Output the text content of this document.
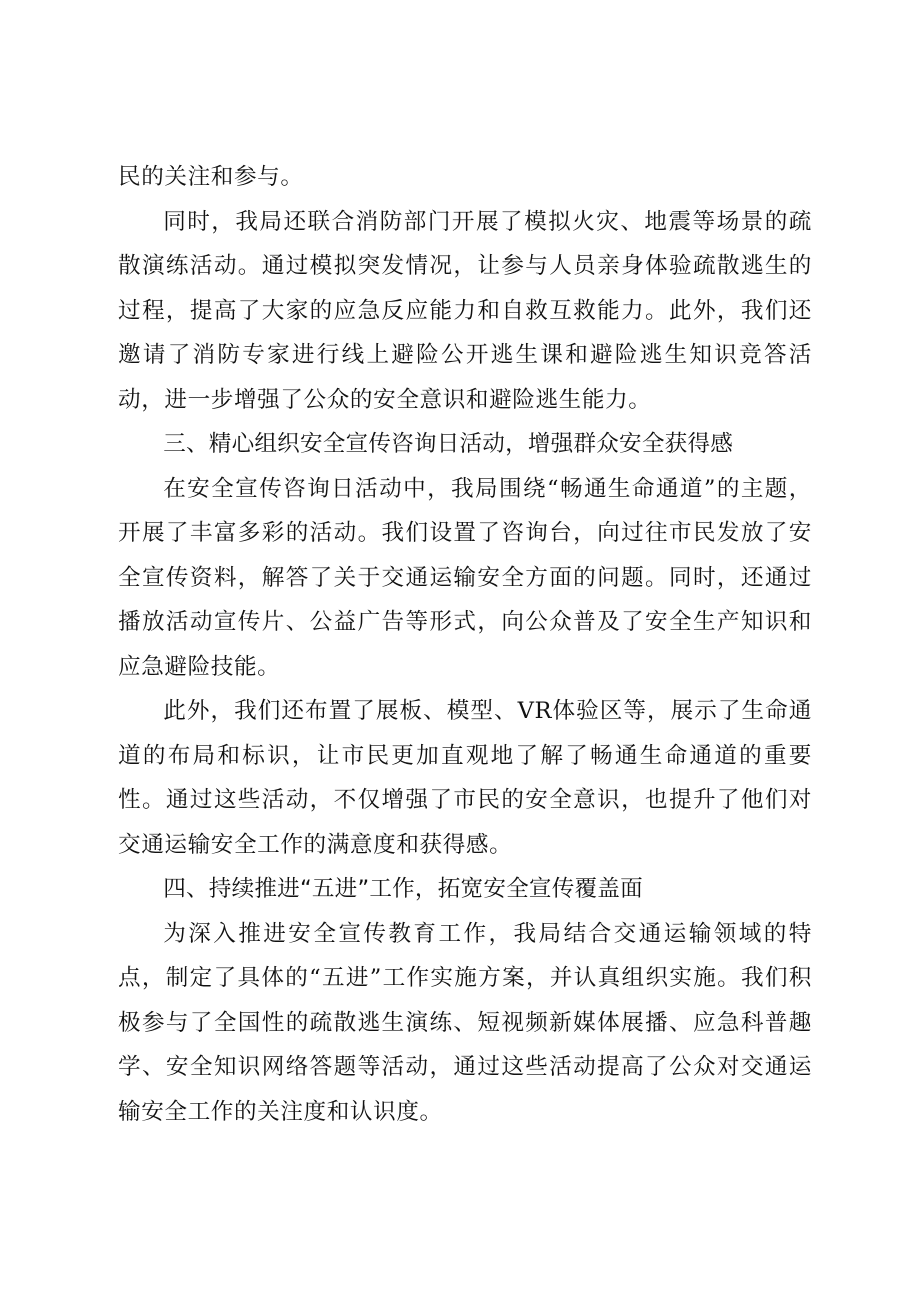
民的关注和参与。

同时，我局还联合消防部门开展了模拟火灾、地震等场景的疏散演练活动。通过模拟突发情况，让参与人员亲身体验疏散逃生的过程，提高了大家的应急反应能力和自救互救能力。此外，我们还邀请了消防专家进行线上避险公开逃生课和避险逃生知识竞答活动，进一步增强了公众的安全意识和避险逃生能力。

三、精心组织安全宣传咨询日活动，增强群众安全获得感

在安全宣传咨询日活动中，我局围绕“畅通生命通道”的主题，开展了丰富多彩的活动。我们设置了咨询台，向过往市民发放了安全宣传资料，解答了关于交通运输安全方面的问题。同时，还通过播放活动宣传片、公益广告等形式，向公众普及了安全生产知识和应急避险技能。

此外，我们还布置了展板、模型、VR体验区等，展示了生命通道的布局和标识，让市民更加直观地了解了畅通生命通道的重要性。通过这些活动，不仅增强了市民的安全意识，也提升了他们对交通运输安全工作的满意度和获得感。

四、持续推进“五进”工作，拓宽安全宣传覆盖面

为深入推进安全宣传教育工作，我局结合交通运输领域的特点，制定了具体的“五进”工作实施方案，并认真组织实施。我们积极参与了全国性的疏散逃生演练、短视频新媒体展播、应急科普趣学、安全知识网络答题等活动，通过这些活动提高了公众对交通运输安全工作的关注度和认识度。
